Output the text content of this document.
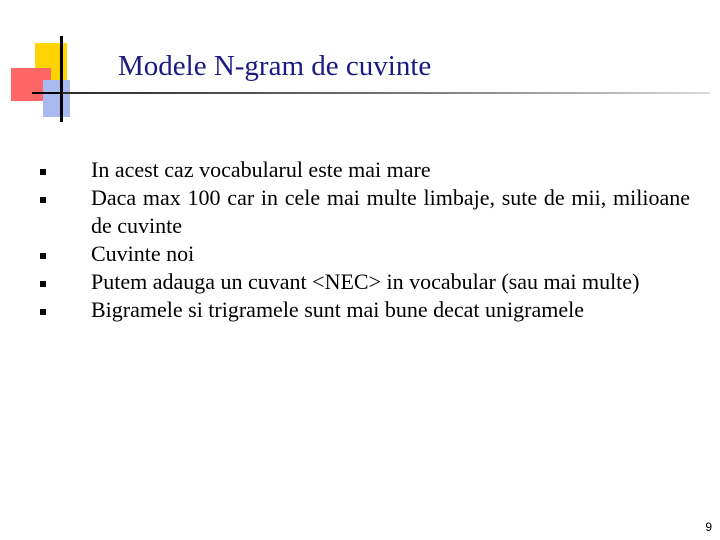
Modele N-gram de cuvinte
In acest caz vocabularul este mai mare
Daca max 100 car in cele mai multe limbaje, sute de mii, milioane de cuvinte
Cuvinte noi
Putem adauga un cuvant <NEC> in vocabular (sau mai multe)
Bigramele si trigramele sunt mai bune decat unigramele
9
